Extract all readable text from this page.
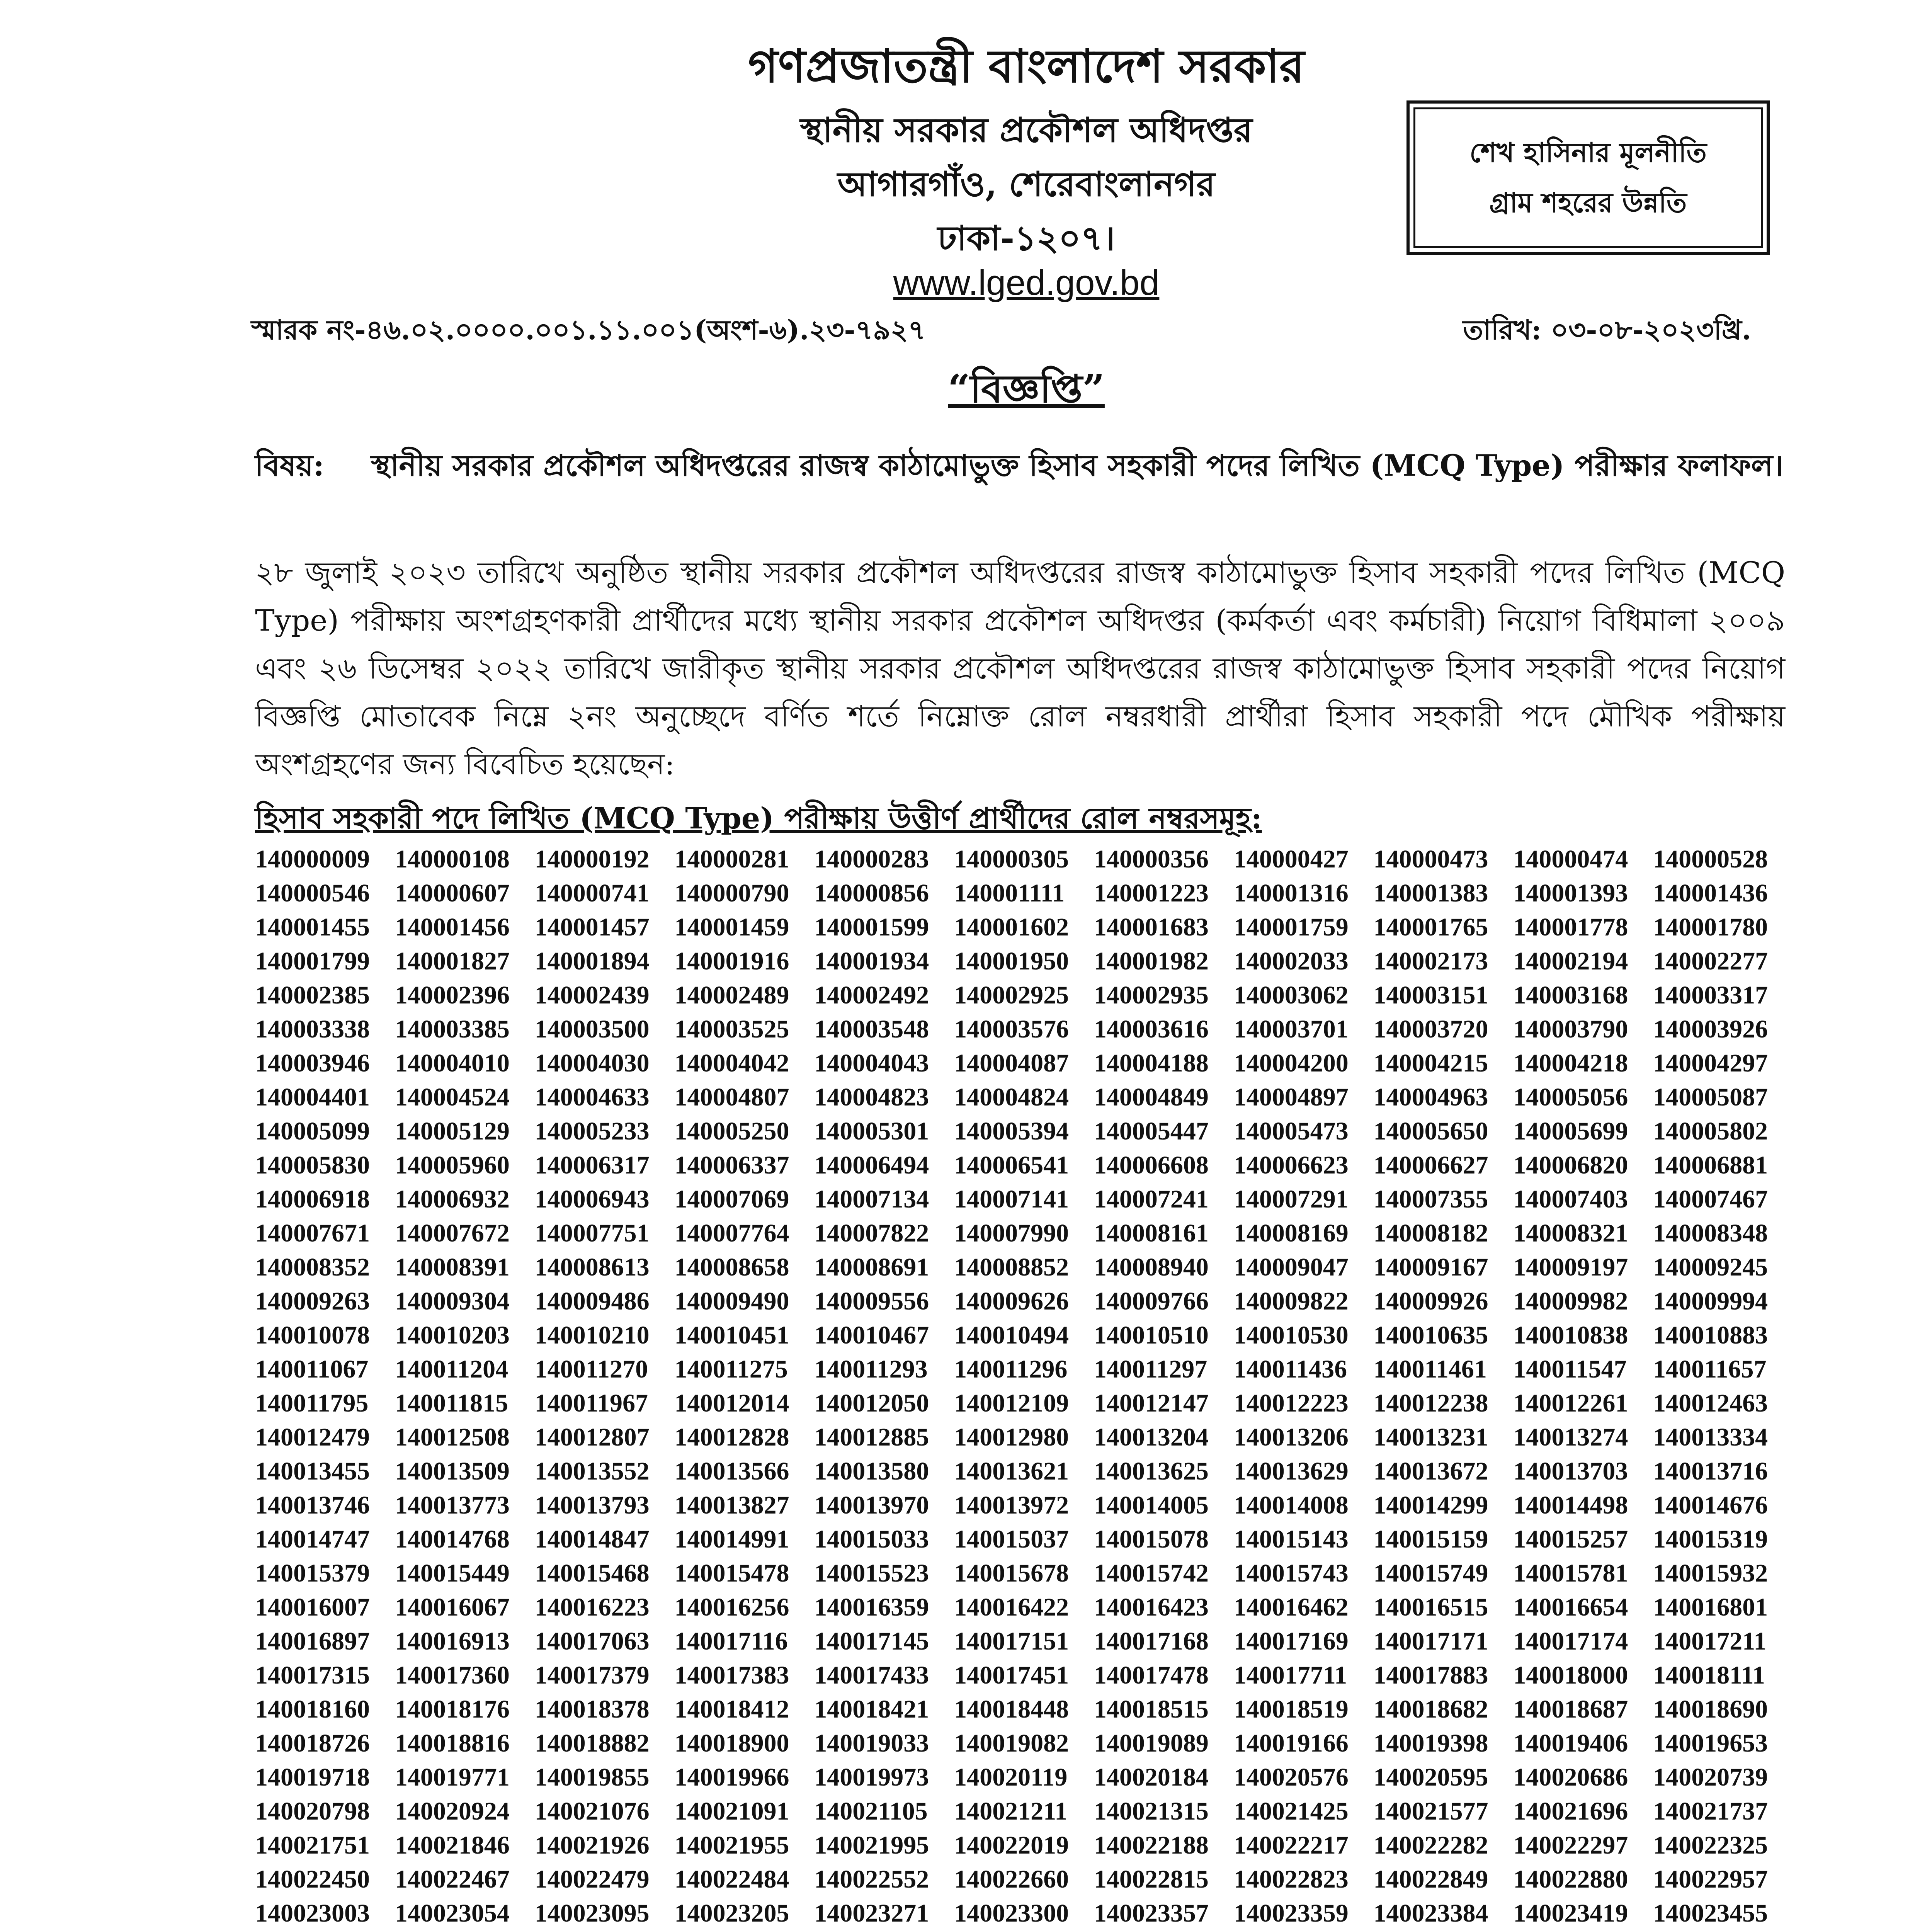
গণপ্রজাতন্ত্রী বাংলাদেশ সরকার
স্থানীয় সরকার প্রকৌশল অধিদপ্তর
আগারগাঁও, শেরেবাংলানগর
ঢাকা-১২০৭।
www.lged.gov.bd
শেখ হাসিনার মূলনীতি
গ্রাম শহরের উন্নতি
স্মারক নং-৪৬.০২.০০০০.০০১.১১.০০১(অংশ-৬).২৩-৭৯২৭	তারিখ: ০৩-০৮-২০২৩খ্রি.
“বিজ্ঞপ্তি”
বিষয়: স্থানীয় সরকার প্রকৌশল অধিদপ্তরের রাজস্ব কাঠামোভুক্ত হিসাব সহকারী পদের লিখিত (MCQ Type) পরীক্ষার ফলাফল।
২৮ জুলাই ২০২৩ তারিখে অনুষ্ঠিত স্থানীয় সরকার প্রকৌশল অধিদপ্তরের রাজস্ব কাঠামোভুক্ত হিসাব সহকারী পদের লিখিত (MCQ Type) পরীক্ষায় অংশগ্রহণকারী প্রার্থীদের মধ্যে স্থানীয় সরকার প্রকৌশল অধিদপ্তর (কর্মকর্তা এবং কর্মচারী) নিয়োগ বিধিমালা ২০০৯ এবং ২৬ ডিসেম্বর ২০২২ তারিখে জারীকৃত স্থানীয় সরকার প্রকৌশল অধিদপ্তরের রাজস্ব কাঠামোভুক্ত হিসাব সহকারী পদের নিয়োগ বিজ্ঞপ্তি মোতাবেক নিম্নে ২নং অনুচ্ছেদে বর্ণিত শর্তে নিম্নোক্ত রোল নম্বরধারী প্রার্থীরা হিসাব সহকারী পদে মৌখিক পরীক্ষায় অংশগ্রহণের জন্য বিবেচিত হয়েছেন:
হিসাব সহকারী পদে লিখিত (MCQ Type) পরীক্ষায় উত্তীর্ণ প্রার্থীদের রোল নম্বরসমূহ:
140000009 140000108 140000192 140000281 140000283 140000305 140000356 140000427 140000473 140000474 140000528
140000546 140000607 140000741 140000790 140000856 140001111	140001223 140001316 140001383 140001393 140001436
140001455 140001456 140001457 140001459 140001599 140001602 140001683 140001759 140001765 140001778 140001780
140001799 140001827 140001894 140001916 140001934 140001950 140001982 140002033 140002173 140002194 140002277
140002385 140002396 140002439 140002489 140002492 140002925 140002935 140003062 140003151 140003168 140003317
140003338 140003385 140003500 140003525 140003548 140003576 140003616 140003701 140003720 140003790 140003926
140003946 140004010 140004030 140004042 140004043 140004087 140004188 140004200 140004215 140004218 140004297
140004401 140004524 140004633 140004807 140004823 140004824 140004849 140004897 140004963 140005056 140005087
140005099 140005129 140005233 140005250 140005301 140005394 140005447 140005473 140005650 140005699 140005802
140005830 140005960 140006317 140006337 140006494 140006541 140006608 140006623 140006627 140006820 140006881
140006918 140006932 140006943 140007069 140007134 140007141 140007241 140007291 140007355 140007403 140007467
140007671 140007672 140007751 140007764 140007822 140007990 140008161 140008169 140008182 140008321 140008348
140008352 140008391 140008613 140008658 140008691 140008852 140008940 140009047 140009167 140009197 140009245
140009263 140009304 140009486 140009490 140009556 140009626 140009766 140009822 140009926 140009982 140009994
140010078 140010203 140010210 140010451 140010467 140010494 140010510 140010530 140010635 140010838 140010883
140011067	140011204	140011270	140011275	140011293	140011296	140011297	140011436	140011461	140011547	140011657
140011795	140011815	140011967	140012014 140012050 140012109 140012147 140012223 140012238 140012261 140012463
140012479 140012508 140012807 140012828 140012885 140012980 140013204 140013206 140013231 140013274 140013334
140013455 140013509 140013552 140013566 140013580 140013621 140013625 140013629 140013672 140013703 140013716
140013746 140013773 140013793 140013827 140013970 140013972 140014005 140014008 140014299 140014498 140014676
140014747 140014768 140014847 140014991 140015033 140015037 140015078 140015143 140015159 140015257 140015319
140015379 140015449 140015468 140015478 140015523 140015678 140015742 140015743 140015749 140015781 140015932
140016007 140016067 140016223 140016256 140016359 140016422 140016423 140016462 140016515 140016654 140016801
140016897 140016913 140017063 140017116	140017145 140017151 140017168 140017169 140017171 140017174 140017211
140017315 140017360 140017379 140017383 140017433 140017451 140017478 140017711	140017883 140018000 140018111
140018160 140018176 140018378 140018412 140018421 140018448 140018515 140018519 140018682 140018687 140018690
140018726 140018816 140018882 140018900 140019033 140019082 140019089 140019166 140019398 140019406 140019653
140019718 140019771 140019855 140019966 140019973 140020119	140020184 140020576 140020595 140020686 140020739
140020798 140020924 140021076 140021091 140021105	140021211	140021315 140021425 140021577 140021696 140021737
140021751 140021846 140021926 140021955 140021995 140022019 140022188 140022217 140022282 140022297 140022325
140022450 140022467 140022479 140022484 140022552 140022660 140022815 140022823 140022849 140022880 140022957
140023003 140023054 140023095 140023205 140023271 140023300 140023357 140023359 140023384 140023419 140023455
